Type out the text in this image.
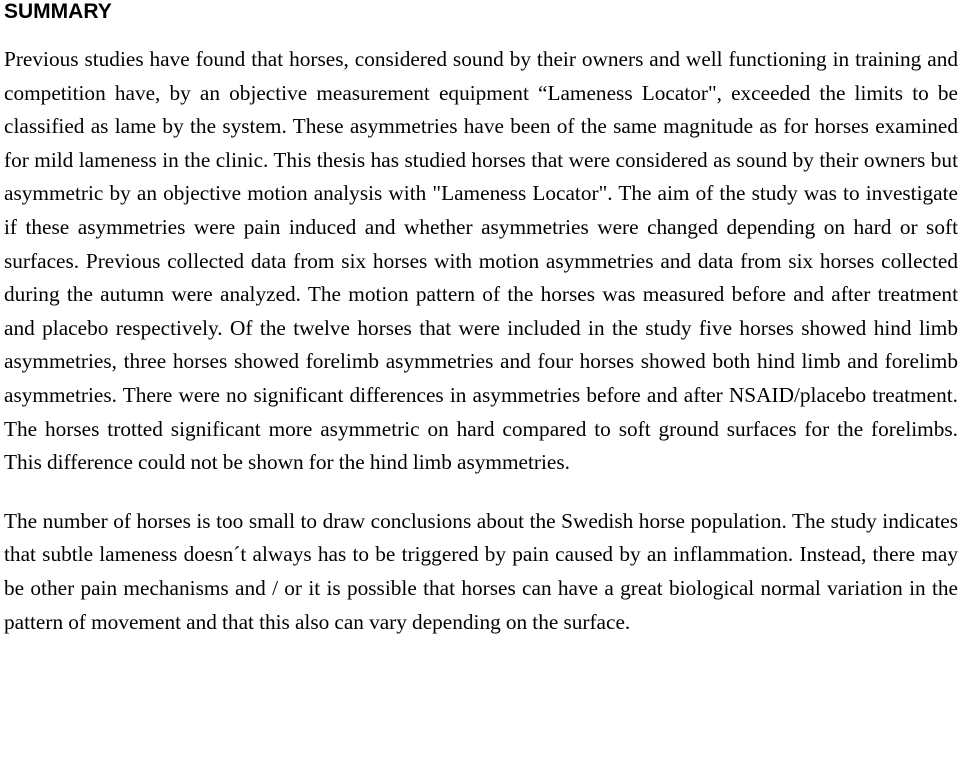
SUMMARY

Previous studies have found that horses, considered sound by their owners and well functioning in training and competition have, by an objective measurement equipment “Lameness Locator", exceeded the limits to be classified as lame by the system. These asymmetries have been of the same magnitude as for horses examined for mild lameness in the clinic. This thesis has studied horses that were considered as sound by their owners but asymmetric by an objective motion analysis with "Lameness Locator". The aim of the study was to investigate if these asymmetries were pain induced and whether asymmetries were changed depending on hard or soft surfaces. Previous collected data from six horses with motion asymmetries and data from six horses collected during the autumn were analyzed. The motion pattern of the horses was measured before and after treatment and placebo respectively. Of the twelve horses that were included in the study five horses showed hind limb asymmetries, three horses showed forelimb asymmetries and four horses showed both hind limb and forelimb asymmetries. There were no significant differences in asymmetries before and after NSAID/placebo treatment. The horses trotted significant more asymmetric on hard compared to soft ground surfaces for the forelimbs. This difference could not be shown for the hind limb asymmetries.

The number of horses is too small to draw conclusions about the Swedish horse population. The study indicates that subtle lameness doesn´t always has to be triggered by pain caused by an inflammation. Instead, there may be other pain mechanisms and / or it is possible that horses can have a great biological normal variation in the pattern of movement and that this also can vary depending on the surface.
